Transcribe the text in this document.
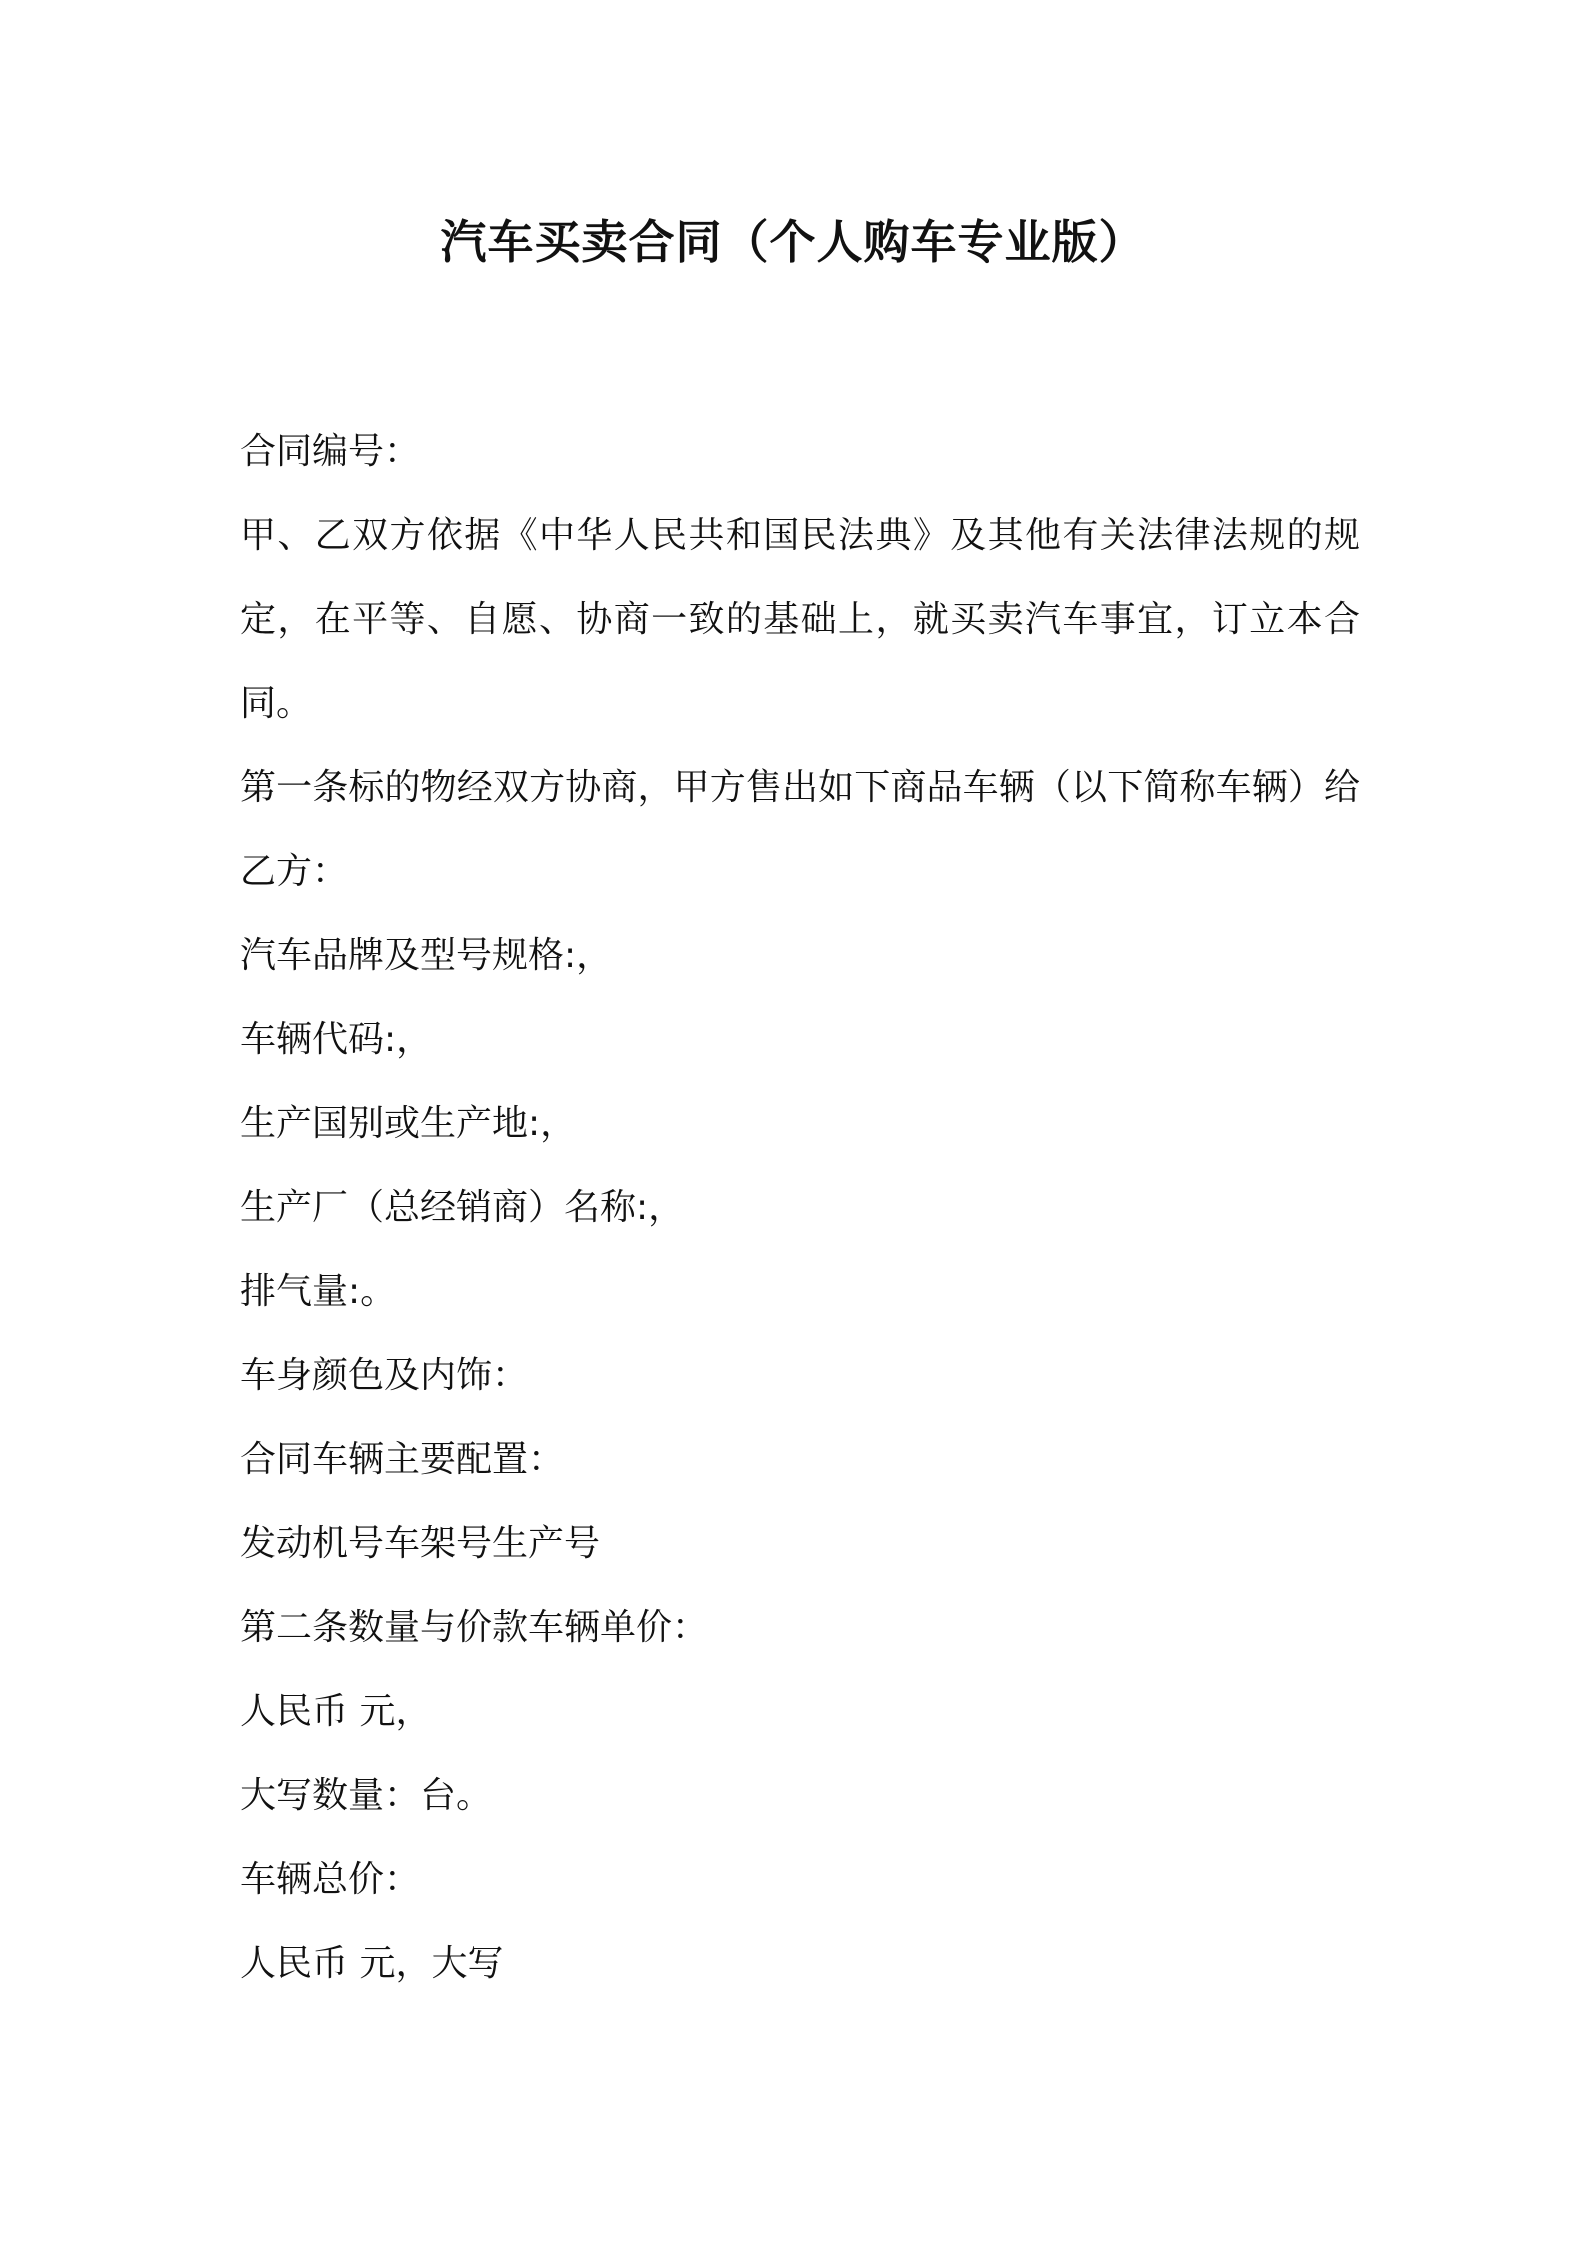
汽车买卖合同（个人购车专业版）

合同编号：

甲、乙双方依据《中华人民共和国民法典》及其他有关法律法规的规定，在平等、自愿、协商一致的基础上，就买卖汽车事宜，订立本合同。

第一条标的物经双方协商，甲方售出如下商品车辆（以下简称车辆）给乙方：

汽车品牌及型号规格:，

车辆代码:，

生产国别或生产地:，

生产厂（总经销商）名称:，

排气量:。

车身颜色及内饰：

合同车辆主要配置：

发动机号车架号生产号

第二条数量与价款车辆单价：

人民币 元，

大写数量：台。

车辆总价：

人民币 元，大写
